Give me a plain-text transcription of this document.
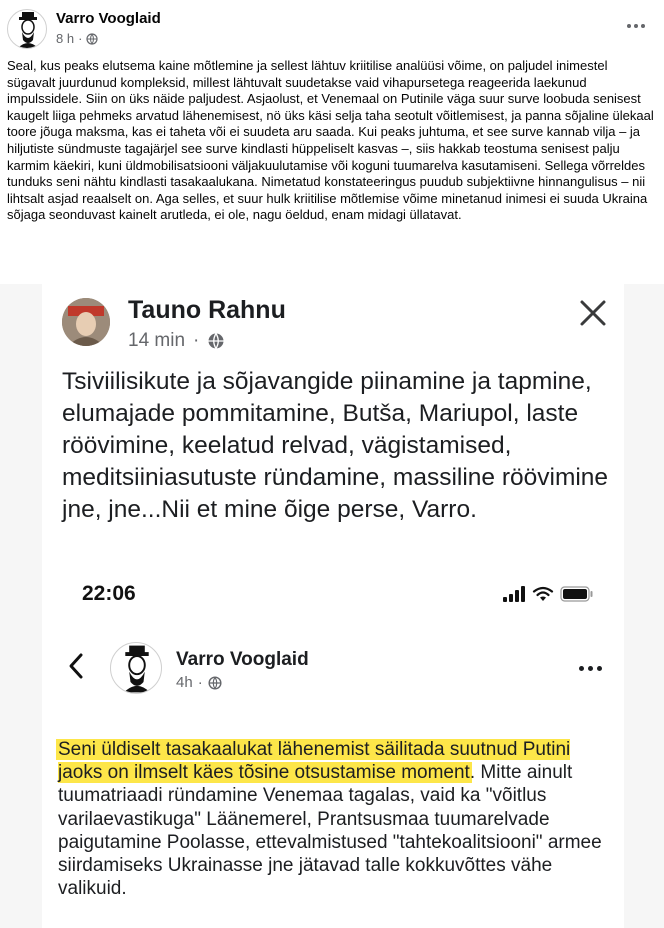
Varro Vooglaid
8 h ·

Seal, kus peaks elutsema kaine mõtlemine ja sellest lähtuv kriitilise analüüsi võime, on paljudel inimestel sügavalt juurdunud kompleksid, millest lähtuvalt suudetakse vaid vihapursetega reageerida laekunud impulssidele. Siin on üks näide paljudest. Asjaolust, et Venemaal on Putinile väga suur surve loobuda senisest kaugelt liiga pehmeks arvatud lähenemisest, nö üks käsi selja taha seotult võitlemisest, ja panna sõjaline ülekaal toore jõuga maksma, kas ei taheta või ei suudeta aru saada. Kui peaks juhtuma, et see surve kannab vilja – ja hiljutiste sündmuste tagajärjel see surve kindlasti hüppeliselt kasvas –, siis hakkab teostuma senisest palju karmim käekiri, kuni üldmobilisatsiooni väljakuulutamise või koguni tuumarelva kasutamiseni. Sellega võrreldes tunduks seni nähtu kindlasti tasakaalukana. Nimetatud konstateeringus puudub subjektiivne hinnangulisus – nii lihtsalt asjad reaalselt on. Aga selles, et suur hulk kriitilise mõtlemise võime minetanud inimesi ei suuda Ukraina sõjaga seonduvast kainelt arutleda, ei ole, nagu öeldud, enam midagi üllatavat.

Tauno Rahnu
14 min ·

Tsiviilisikute ja sõjavangide piinamine ja tapmine, elumajade pommitamine, Butša, Mariupol, laste röövimine, keelatud relvad, vägistamised, meditsiiniasutuste ründamine, massiline röövimine jne, jne...Nii et mine õige perse, Varro.

22:06
Varro Vooglaid
4h ·

Seni üldiselt tasakaalukat lähenemist säilitada suutnud Putini jaoks on ilmselt käes tõsine otsustamise moment. Mitte ainult tuumatriaadi ründamine Venemaa tagalas, vaid ka "võitlus varilaevastikuga" Läänemerel, Prantsusmaa tuumarelvade paigutamine Poolasse, ettevalmistused "tahtekoalitsiooni" armee siirdamiseks Ukrainasse jne jätavad talle kokkuvõttes vähe valikuid.
